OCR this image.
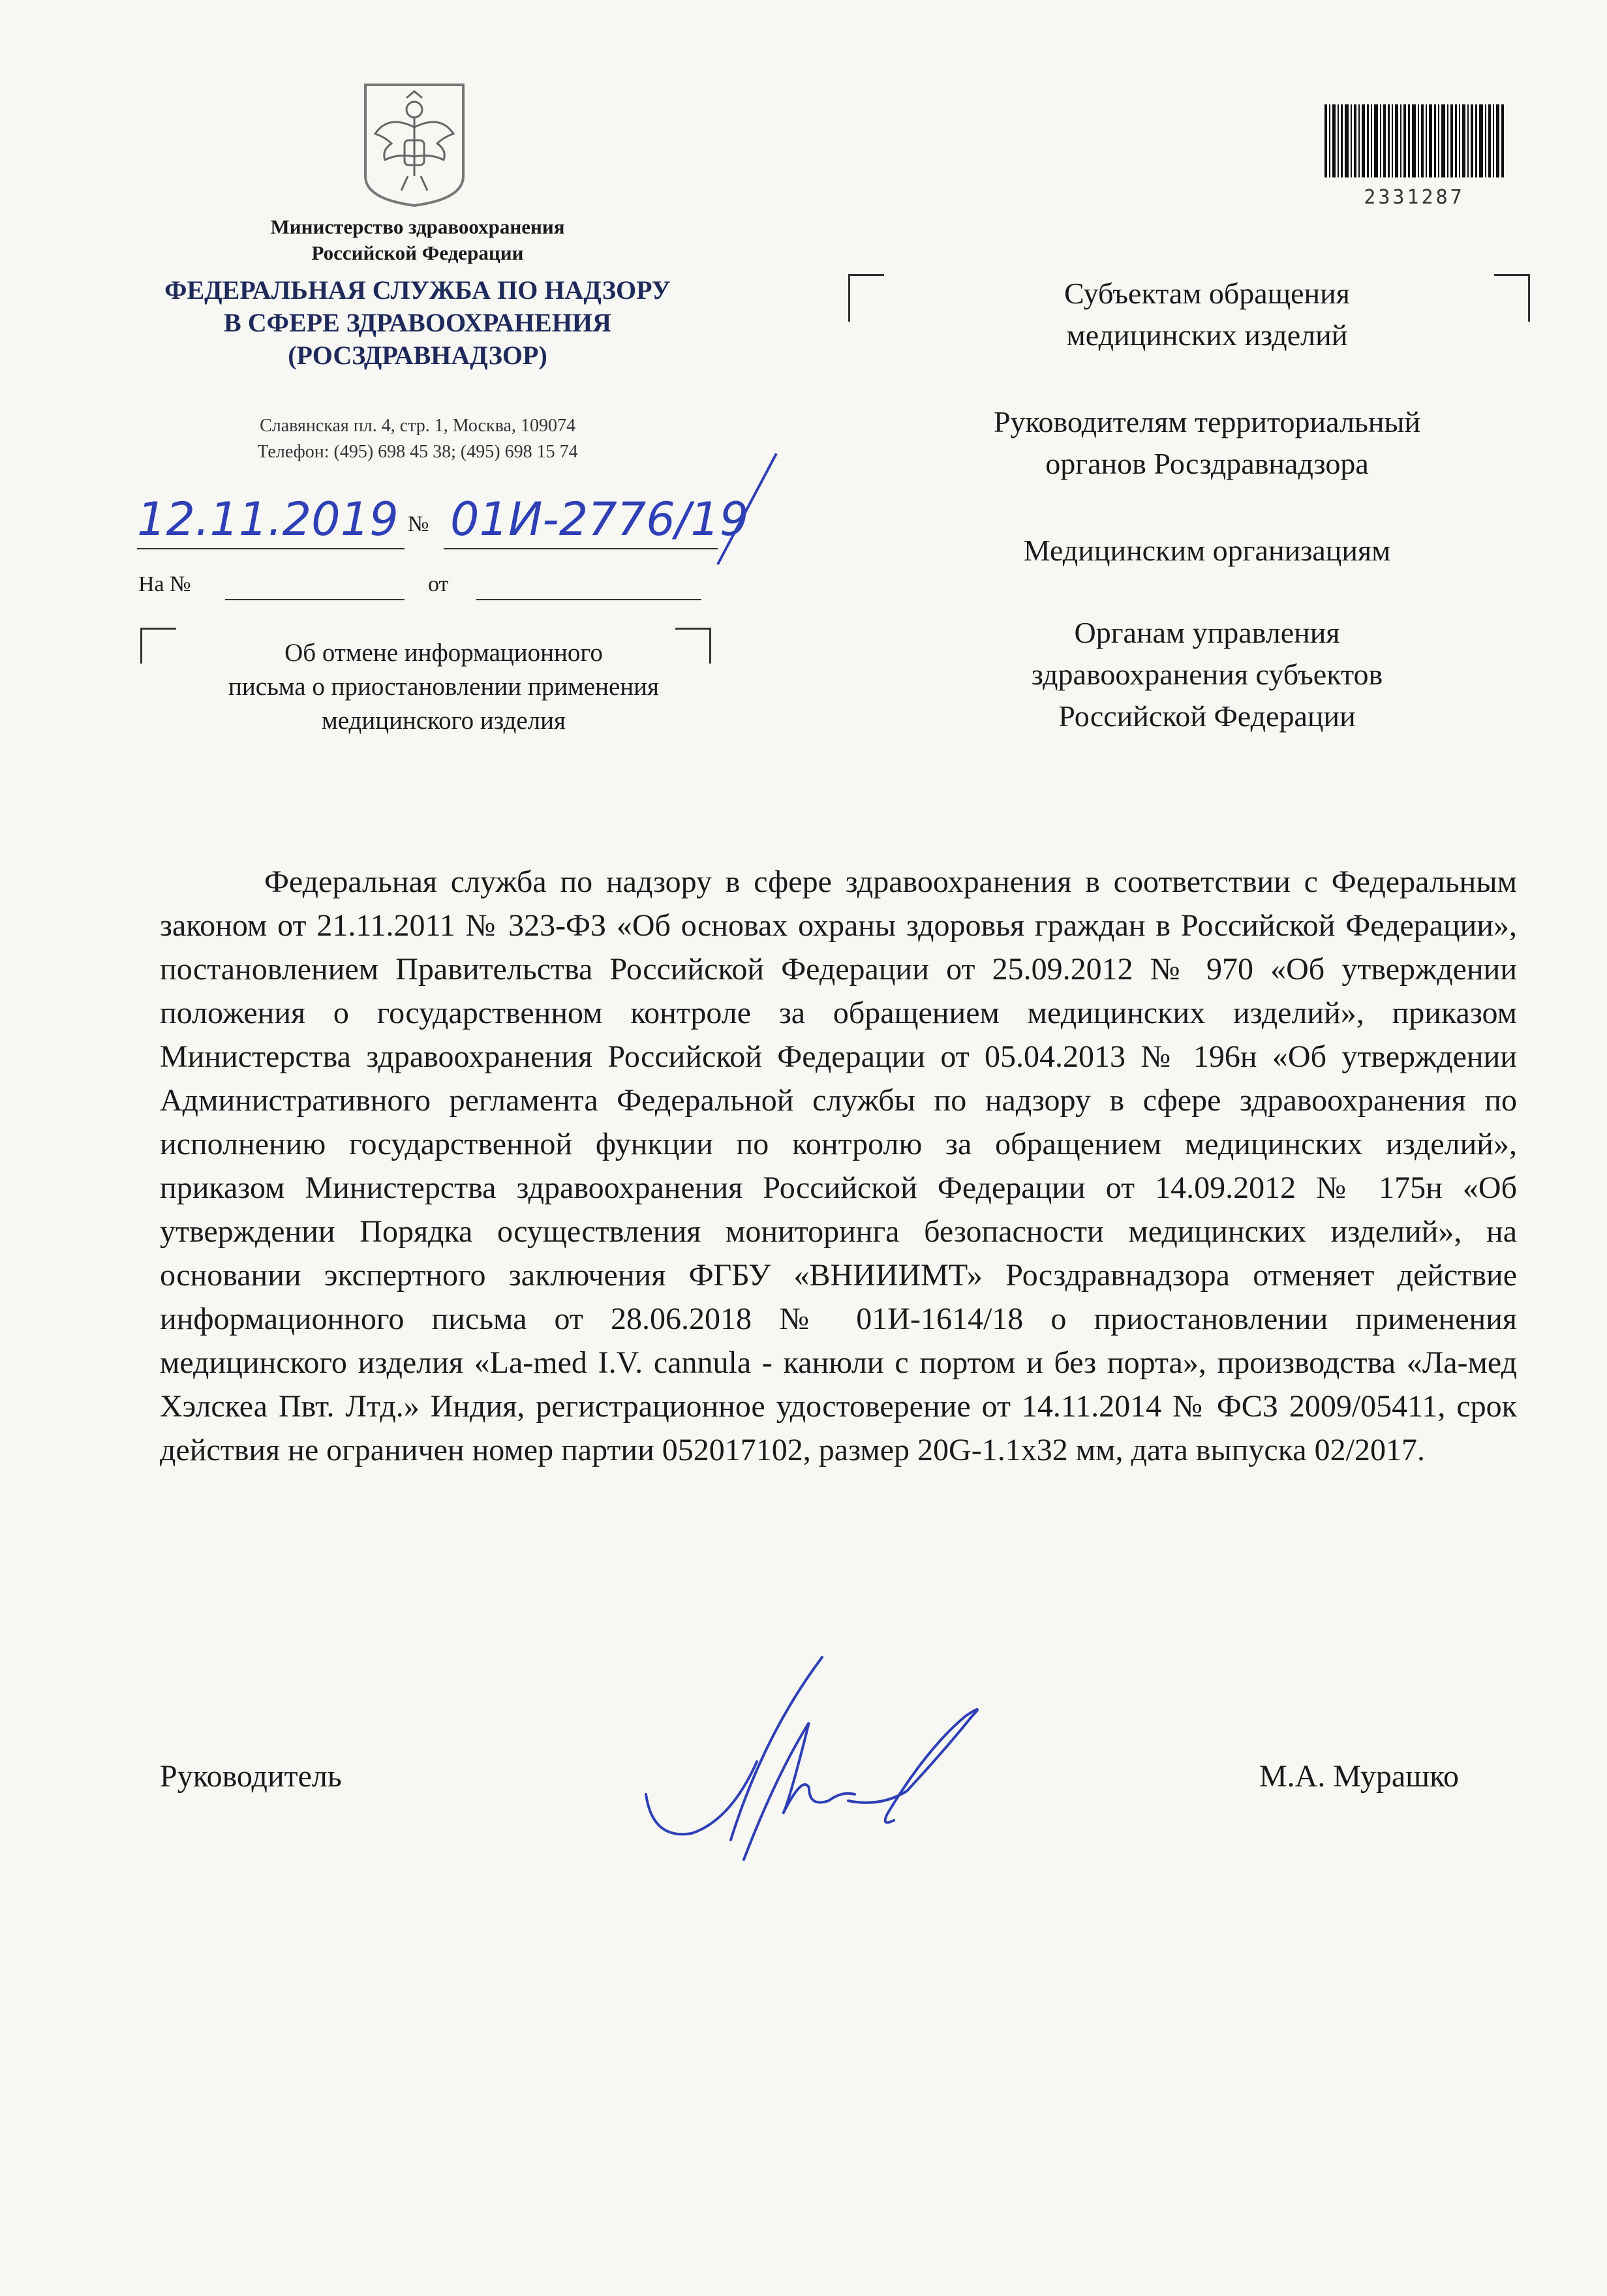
Министерство здравоохранения
Российской Федерации
ФЕДЕРАЛЬНАЯ СЛУЖБА ПО НАДЗОРУ
В СФЕРЕ ЗДРАВООХРАНЕНИЯ
(РОСЗДРАВНАДЗОР)
Славянская пл. 4, стр. 1, Москва, 109074
Телефон: (495) 698 45 38; (495) 698 15 74
12.11.2019 № 01И-2776/19
На №	от
Об отмене информационного
письма о приостановлении применения
медицинского изделия
2331287
Субъектам обращения
медицинских изделий
Руководителям территориальный
органов Росздравнадзора
Медицинским организациям
Органам управления
здравоохранения субъектов
Российской Федерации
Федеральная служба по надзору в сфере здравоохранения в соответствии с Федеральным законом от 21.11.2011 № 323-ФЗ «Об основах охраны здоровья граждан в Российской Федерации», постановлением Правительства Российской Федерации от 25.09.2012 № 970 «Об утверждении положения о государственном контроле за обращением медицинских изделий», приказом Министерства здравоохранения Российской Федерации от 05.04.2013 № 196н «Об утверждении Административного регламента Федеральной службы по надзору в сфере здравоохранения по исполнению государственной функции по контролю за обращением медицинских изделий», приказом Министерства здравоохранения Российской Федерации от 14.09.2012 № 175н «Об утверждении Порядка осуществления мониторинга безопасности медицинских изделий», на основании экспертного заключения ФГБУ «ВНИИИМТ» Росздравнадзора отменяет действие информационного письма от 28.06.2018 № 01И-1614/18 о приостановлении применения медицинского изделия «La-med I.V. cannula - канюли с портом и без порта», производства «Ла-мед Хэлскеа Пвт. Лтд.» Индия, регистрационное удостоверение от 14.11.2014 № ФСЗ 2009/05411, срок действия не ограничен номер партии 052017102, размер 20G-1.1x32 мм, дата выпуска 02/2017.
Руководитель	М.А. Мурашко
